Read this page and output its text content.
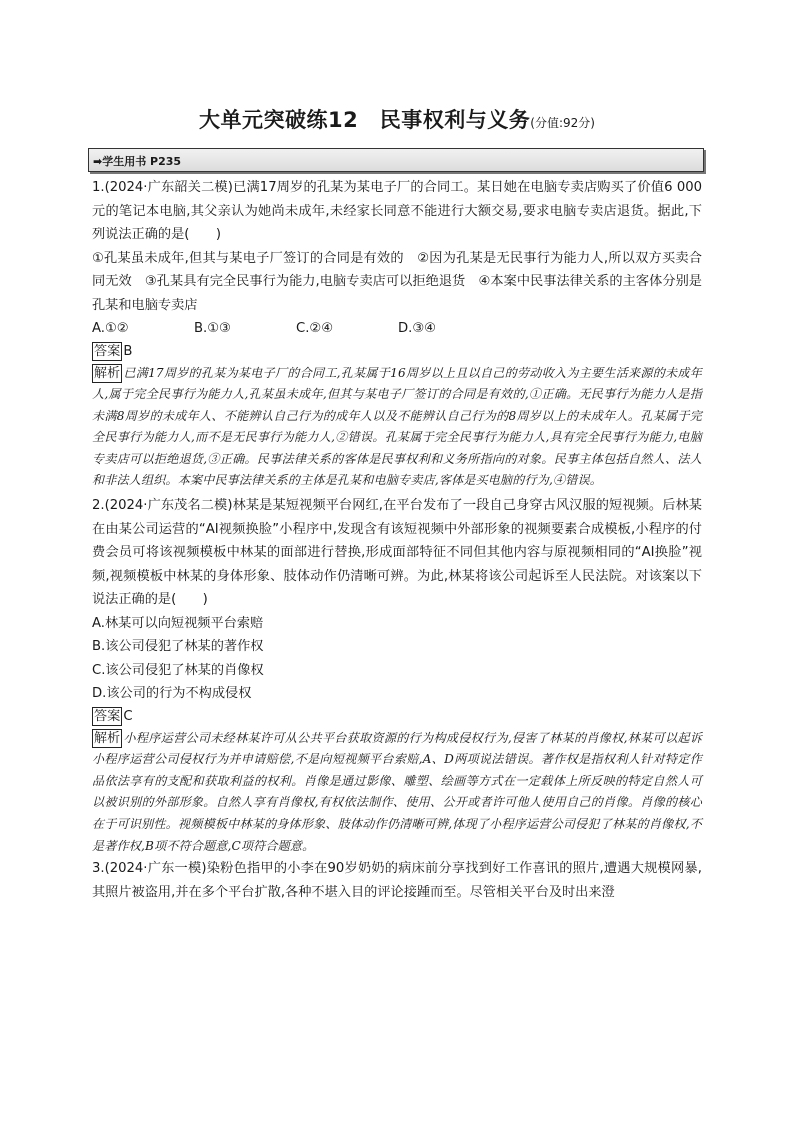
大单元突破练12　民事权利与义务(分值:92分)
➡学生用书 P235

1.(2024·广东韶关二模)已满17周岁的孔某为某电子厂的合同工。某日她在电脑专卖店购买了价值6 000元的笔记本电脑,其父亲认为她尚未成年,未经家长同意不能进行大额交易,要求电脑专卖店退货。据此,下列说法正确的是(　　)

①孔某虽未成年,但其与某电子厂签订的合同是有效的　②因为孔某是无民事行为能力人,所以双方买卖合同无效　③孔某具有完全民事行为能力,电脑专卖店可以拒绝退货　④本案中民事法律关系的主客体分别是孔某和电脑专卖店

A.①②	B.①③	C.②④	D.③④

答案 B

解析 已满17周岁的孔某为某电子厂的合同工,孔某属于16周岁以上且以自己的劳动收入为主要生活来源的未成年人,属于完全民事行为能力人,孔某虽未成年,但其与某电子厂签订的合同是有效的,①正确。无民事行为能力人是指未满8周岁的未成年人、不能辨认自己行为的成年人以及不能辨认自己行为的8周岁以上的未成年人。孔某属于完全民事行为能力人,而不是无民事行为能力人,②错误。孔某属于完全民事行为能力人,具有完全民事行为能力,电脑专卖店可以拒绝退货,③正确。民事法律关系的客体是民事权利和义务所指向的对象。民事主体包括自然人、法人和非法人组织。本案中民事法律关系的主体是孔某和电脑专卖店,客体是买电脑的行为,④错误。

2.(2024·广东茂名二模)林某是某短视频平台网红,在平台发布了一段自己身穿古风汉服的短视频。后林某在由某公司运营的“AI视频换脸”小程序中,发现含有该短视频中外部形象的视频要素合成模板,小程序的付费会员可将该视频模板中林某的面部进行替换,形成面部特征不同但其他内容与原视频相同的“AI换脸”视频,视频模板中林某的身体形象、肢体动作仍清晰可辨。为此,林某将该公司起诉至人民法院。对该案以下说法正确的是(　　)

A.林某可以向短视频平台索赔

B.该公司侵犯了林某的著作权

C.该公司侵犯了林某的肖像权

D.该公司的行为不构成侵权

答案 C

解析 小程序运营公司未经林某许可从公共平台获取资源的行为构成侵权行为,侵害了林某的肖像权,林某可以起诉小程序运营公司侵权行为并申请赔偿,不是向短视频平台索赔,A、D两项说法错误。著作权是指权利人针对特定作品依法享有的支配和获取利益的权利。肖像是通过影像、雕塑、绘画等方式在一定载体上所反映的特定自然人可以被识别的外部形象。自然人享有肖像权,有权依法制作、使用、公开或者许可他人使用自己的肖像。肖像的核心在于可识别性。视频模板中林某的身体形象、肢体动作仍清晰可辨,体现了小程序运营公司侵犯了林某的肖像权,不是著作权,B项不符合题意,C项符合题意。

3.(2024·广东一模)染粉色指甲的小李在90岁奶奶的病床前分享找到好工作喜讯的照片,遭遇大规模网暴,其照片被盗用,并在多个平台扩散,各种不堪入目的评论接踵而至。尽管相关平台及时出来澄
